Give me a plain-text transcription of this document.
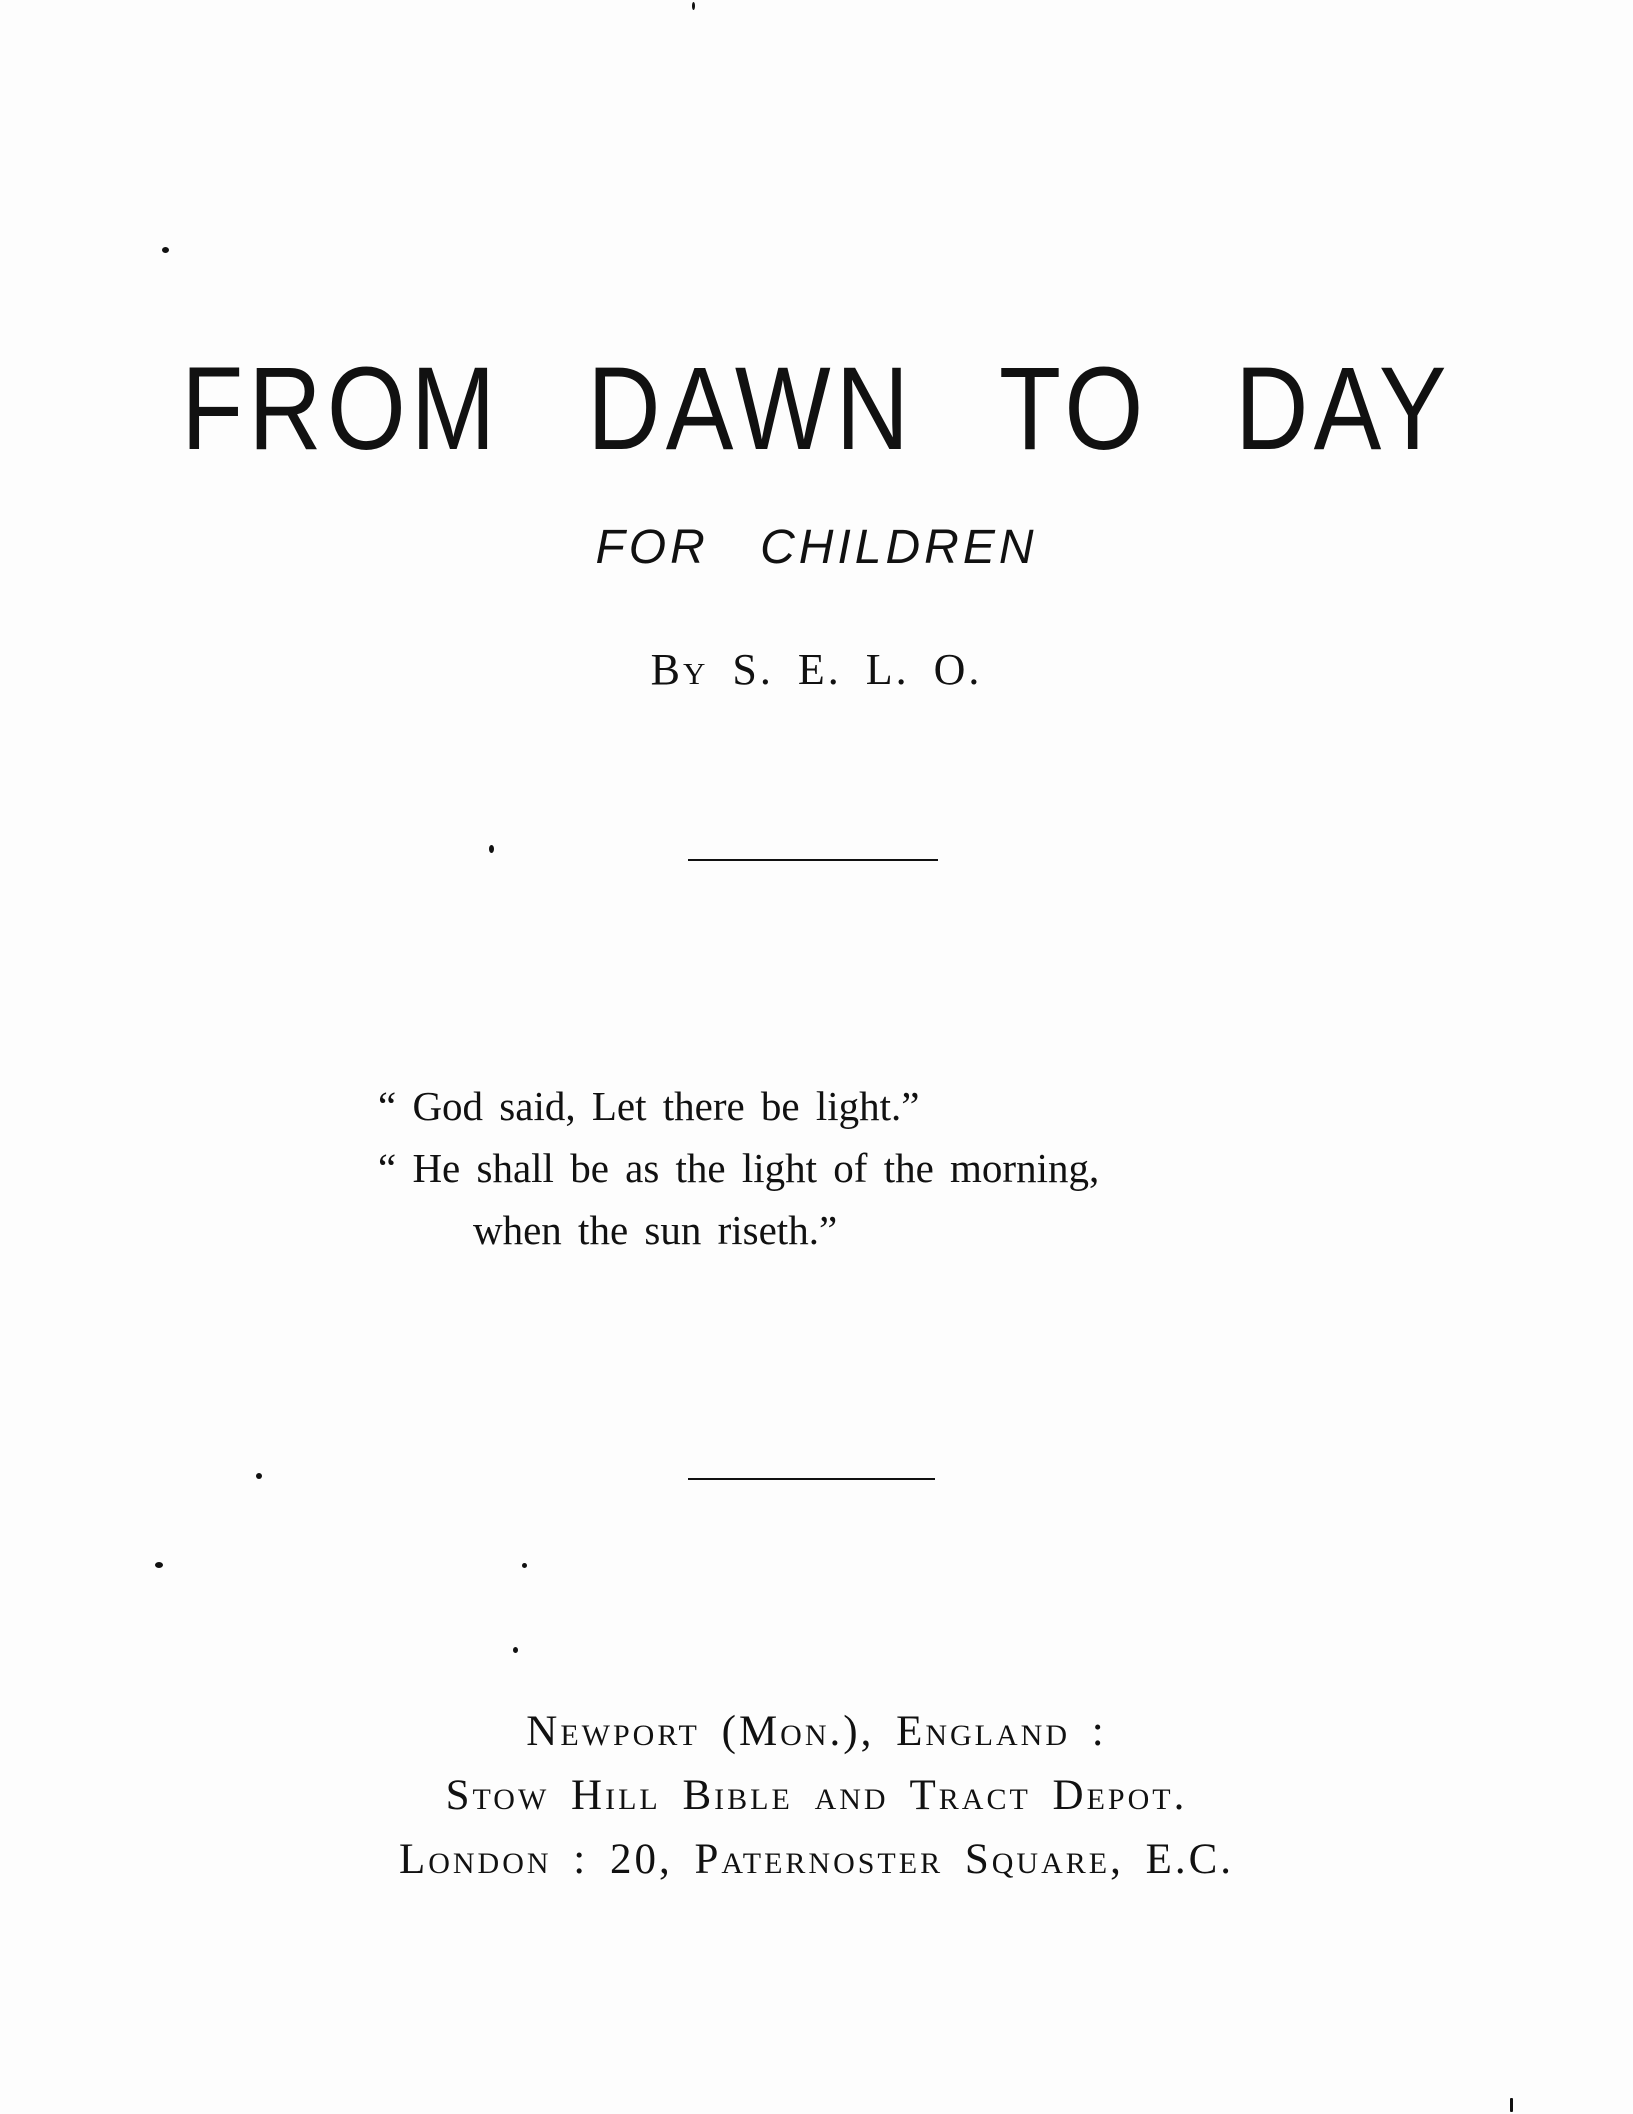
FROM DAWN TO DAY
FOR CHILDREN
By S. E. L. O.
“ God said, Let there be light.”
“ He shall be as the light of the morning,
when the sun riseth.”
Newport (Mon.), England :
Stow Hill Bible and Tract Depot.
London : 20, Paternoster Square, E.C.
